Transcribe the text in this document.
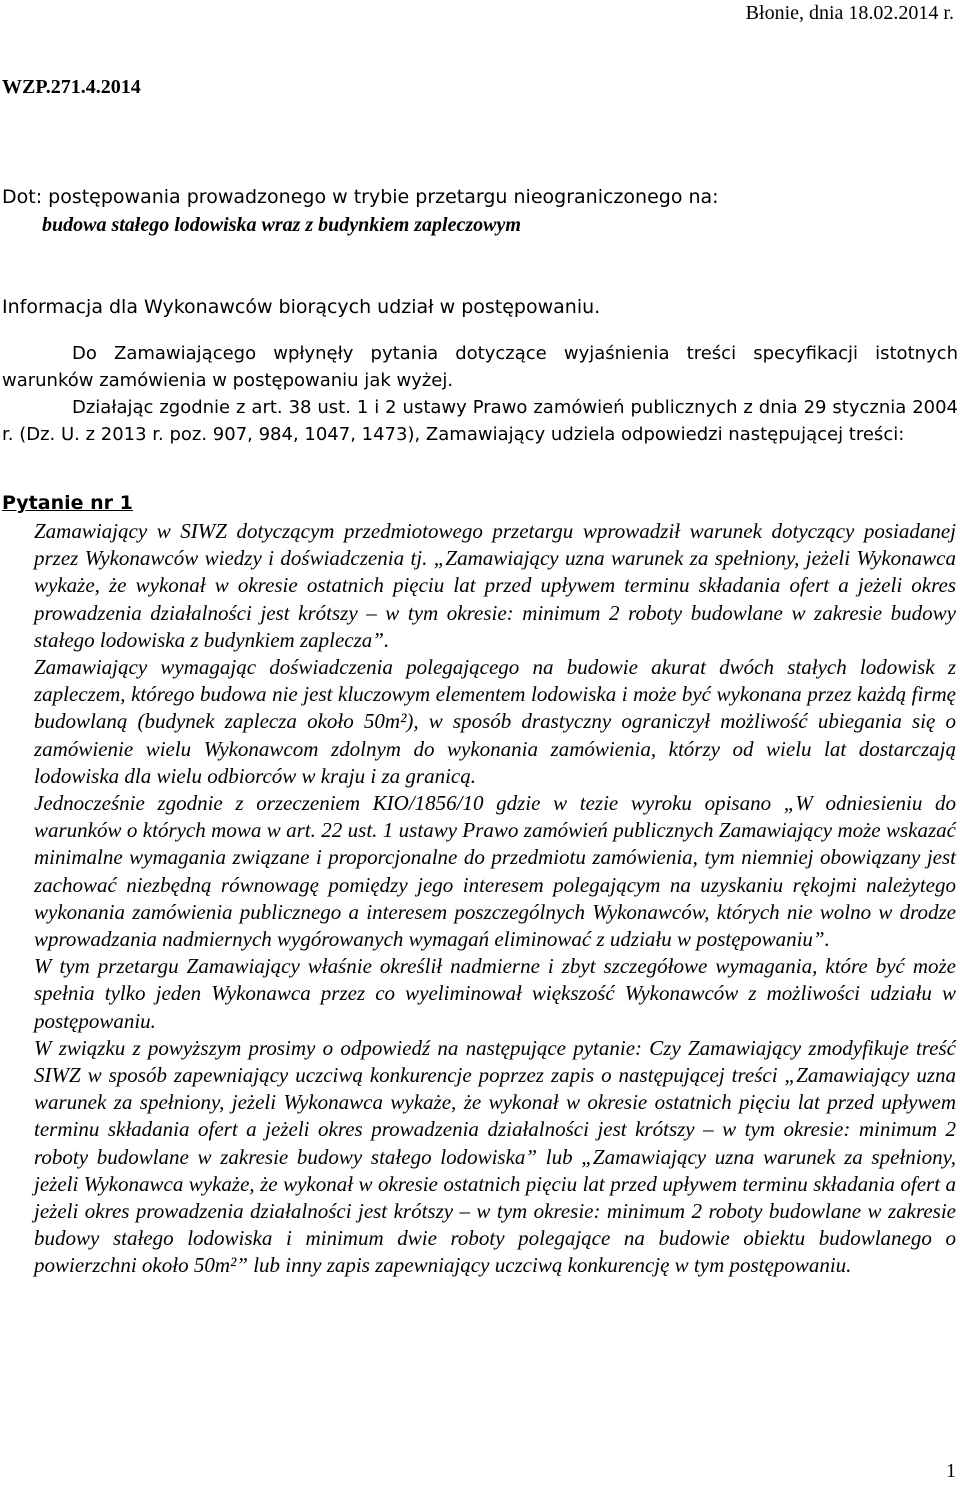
Błonie, dnia 18.02.2014 r.
WZP.271.4.2014
Dot: postępowania prowadzonego w trybie przetargu nieograniczonego na:
budowa stałego lodowiska wraz z budynkiem zapleczowym
Informacja dla Wykonawców biorących udział w postępowaniu.
Do Zamawiającego wpłynęły pytania dotyczące wyjaśnienia treści specyfikacji istotnych warunków zamówienia w postępowaniu jak wyżej.
Działając zgodnie z art. 38 ust. 1 i 2 ustawy Prawo zamówień publicznych z dnia 29 stycznia 2004 r. (Dz. U. z 2013 r. poz. 907, 984, 1047, 1473), Zamawiający udziela odpowiedzi następującej treści:
Pytanie nr 1

Zamawiający w SIWZ dotyczącym przedmiotowego przetargu wprowadził warunek dotyczący posiadanej przez Wykonawców wiedzy i doświadczenia tj. „Zamawiający uzna warunek za spełniony, jeżeli Wykonawca wykaże, że wykonał w okresie ostatnich pięciu lat przed upływem terminu składania ofert a jeżeli okres prowadzenia działalności jest krótszy – w tym okresie: minimum 2 roboty budowlane w zakresie budowy stałego lodowiska z budynkiem zaplecza”.

Zamawiający wymagając doświadczenia polegającego na budowie akurat dwóch stałych lodowisk z zapleczem, którego budowa nie jest kluczowym elementem lodowiska i może być wykonana przez każdą firmę budowlaną (budynek zaplecza około 50m²), w sposób drastyczny ograniczył możliwość ubiegania się o zamówienie wielu Wykonawcom zdolnym do wykonania zamówienia, którzy od wielu lat dostarczają lodowiska dla wielu odbiorców w kraju i za granicą.

Jednocześnie zgodnie z orzeczeniem KIO/1856/10 gdzie w tezie wyroku opisano „W odniesieniu do warunków o których mowa w art. 22 ust. 1 ustawy Prawo zamówień publicznych Zamawiający może wskazać minimalne wymagania związane i proporcjonalne do przedmiotu zamówienia, tym niemniej obowiązany jest zachować niezbędną równowagę pomiędzy jego interesem polegającym na uzyskaniu rękojmi należytego wykonania zamówienia publicznego a interesem poszczególnych Wykonawców, których nie wolno w drodze wprowadzania nadmiernych wygórowanych wymagań eliminować z udziału w postępowaniu”.

W tym przetargu Zamawiający właśnie określił nadmierne i zbyt szczegółowe wymagania, które być może spełnia tylko jeden Wykonawca przez co wyeliminował większość Wykonawców z możliwości udziału w postępowaniu.

W związku z powyższym prosimy o odpowiedź na następujące pytanie: Czy Zamawiający zmodyfikuje treść SIWZ w sposób zapewniający uczciwą konkurencje poprzez zapis o następującej treści „Zamawiający uzna warunek za spełniony, jeżeli Wykonawca wykaże, że wykonał w okresie ostatnich pięciu lat przed upływem terminu składania ofert a jeżeli okres prowadzenia działalności jest krótszy – w tym okresie: minimum 2 roboty budowlane w zakresie budowy stałego lodowiska” lub „Zamawiający uzna warunek za spełniony, jeżeli Wykonawca wykaże, że wykonał w okresie ostatnich pięciu lat przed upływem terminu składania ofert a jeżeli okres prowadzenia działalności jest krótszy – w tym okresie: minimum 2 roboty budowlane w zakresie budowy stałego lodowiska i minimum dwie roboty polegające na budowie obiektu budowlanego o powierzchni około 50m²” lub inny zapis zapewniający uczciwą konkurencję w tym postępowaniu.

1
